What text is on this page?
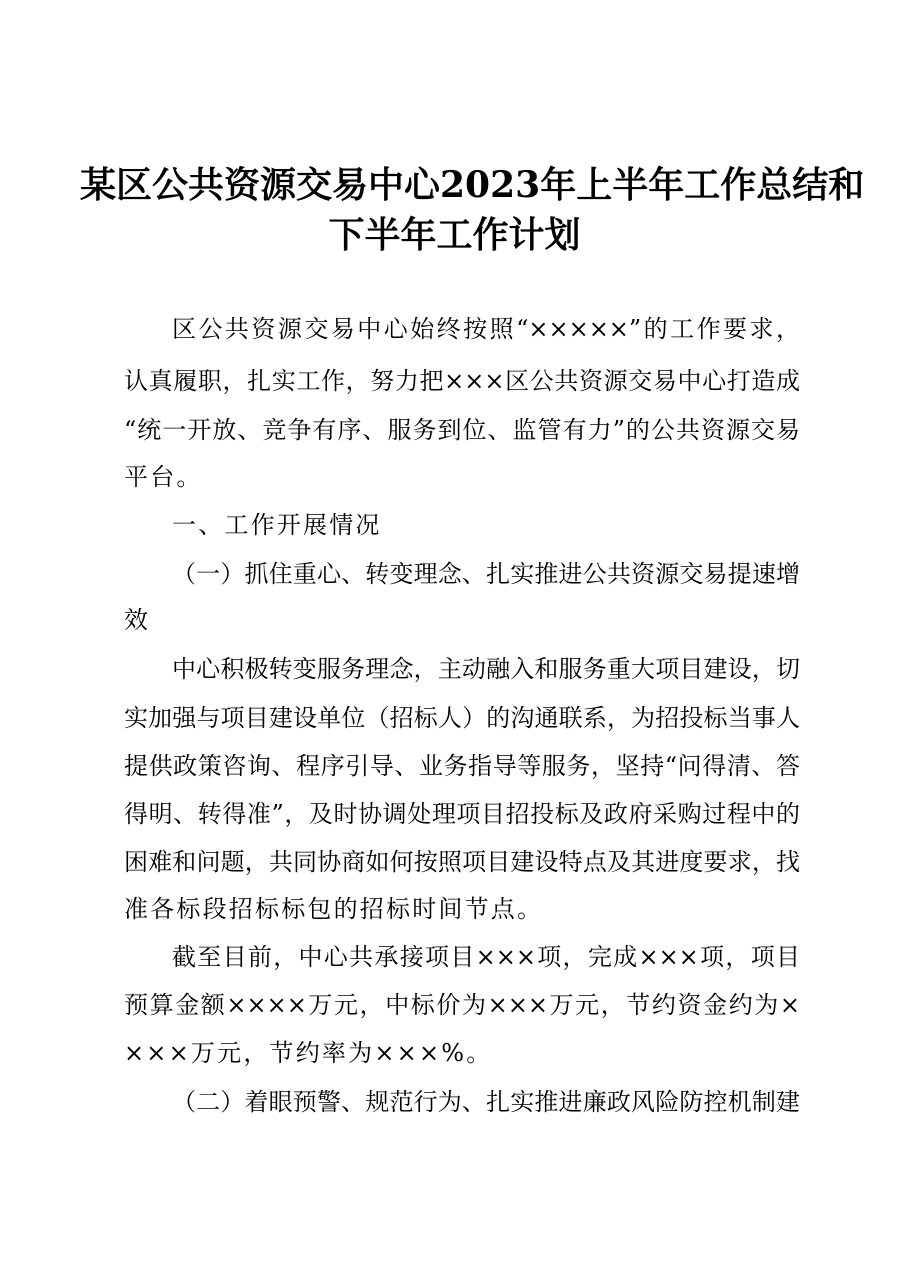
某区公共资源交易中心2023年上半年工作总结和
下半年工作计划
区公共资源交易中心始终按照“×××××”的工作要求，
认真履职，扎实工作，努力把×××区公共资源交易中心打造成
“统一开放、竞争有序、服务到位、监管有力”的公共资源交易
平台。
一、工作开展情况
（一）抓住重心、转变理念、扎实推进公共资源交易提速增
效
中心积极转变服务理念，主动融入和服务重大项目建设，切
实加强与项目建设单位（招标人）的沟通联系，为招投标当事人
提供政策咨询、程序引导、业务指导等服务，坚持“问得清、答
得明、转得准”，及时协调处理项目招投标及政府采购过程中的
困难和问题，共同协商如何按照项目建设特点及其进度要求，找
准各标段招标标包的招标时间节点。
截至目前，中心共承接项目×××项，完成×××项，项目
预算金额××××万元，中标价为×××万元，节约资金约为×
×××万元，节约率为×××%。
（二）着眼预警、规范行为、扎实推进廉政风险防控机制建
